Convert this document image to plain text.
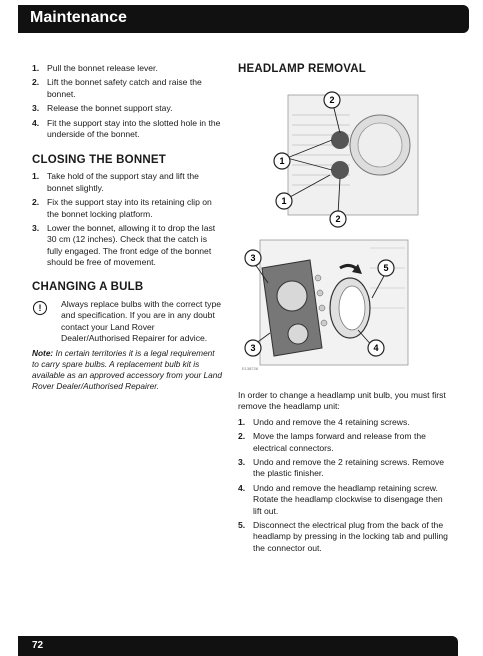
Maintenance
1. Pull the bonnet release lever.
2. Lift the bonnet safety catch and raise the bonnet.
3. Release the bonnet support stay.
4. Fit the support stay into the slotted hole in the underside of the bonnet.
CLOSING THE BONNET
1. Take hold of the support stay and lift the bonnet slightly.
2. Fix the support stay into its retaining clip on the bonnet locking platform.
3. Lower the bonnet, allowing it to drop the last 30 cm (12 inches). Check that the catch is fully engaged. The front edge of the bonnet should be free of movement.
CHANGING A BULB
!	Always replace bulbs with the correct type and specification. If you are in any doubt contact your Land Rover Dealer/Authorised Repairer for advice.
Note: In certain territories it is a legal requirement to carry spare bulbs. A replacement bulb kit is available as an approved accessory from your Land Rover Dealer/Authorised Repairer.
HEADLAMP REMOVAL
1
1
2
2
3
3	4
5
E138726
In order to change a headlamp unit bulb, you must first remove the headlamp unit:
1. Undo and remove the 4 retaining screws.
2. Move the lamps forward and release from the electrical connectors.
3. Undo and remove the 2 retaining screws. Remove the plastic finisher.
4. Undo and remove the headlamp retaining screw. Rotate the headlamp clockwise to disengage then lift out.
5. Disconnect the electrical plug from the back of the headlamp by pressing in the locking tab and pulling the connector out.
72
